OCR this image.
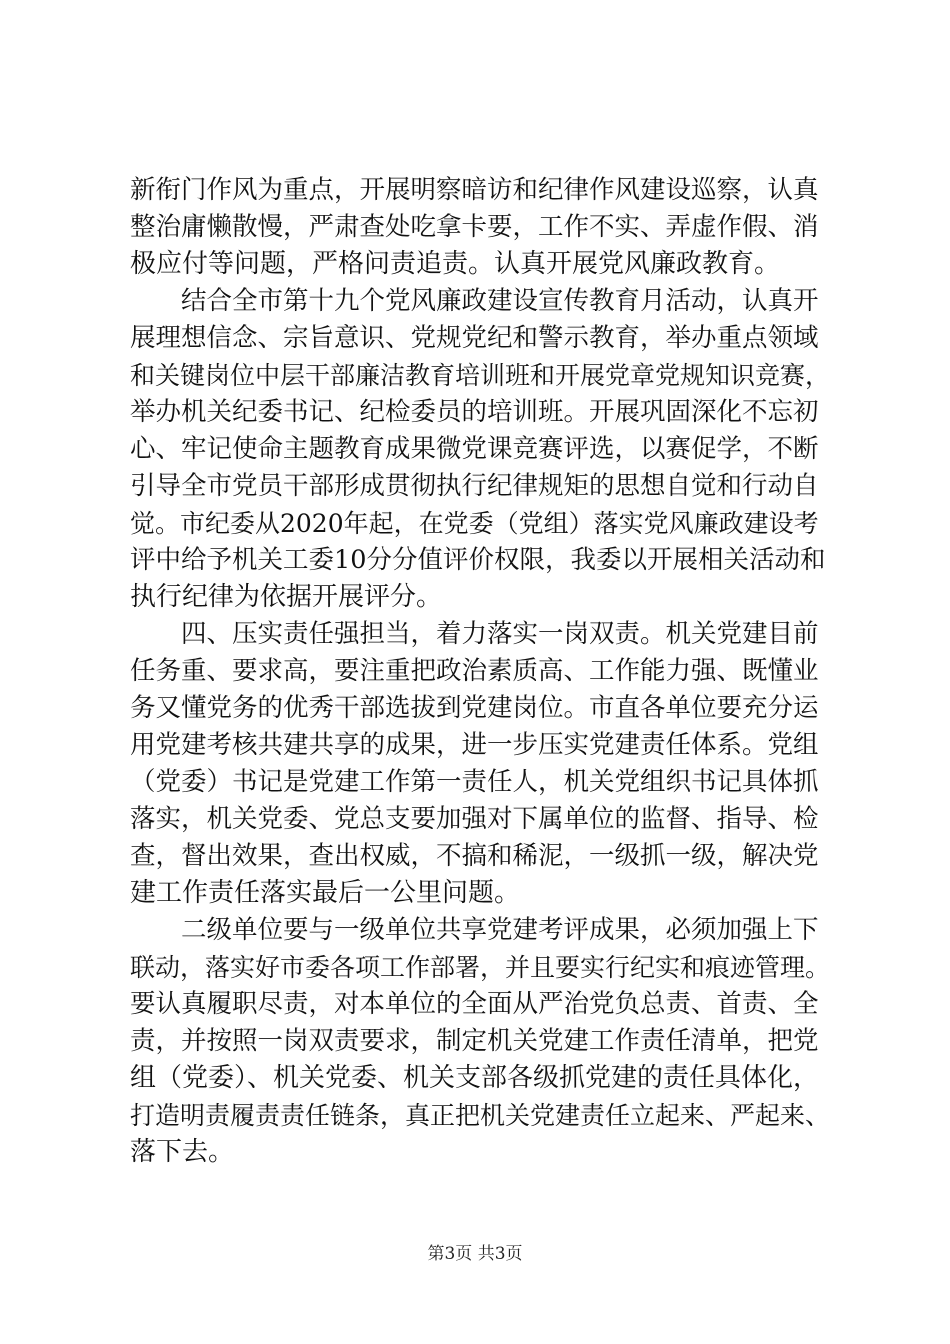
新衔门作风为重点，开展明察暗访和纪律作风建设巡察，认真
整治庸懒散慢，严肃查处吃拿卡要，工作不实、弄虚作假、消
极应付等问题，严格问责追责。认真开展党风廉政教育。
　　结合全市第十九个党风廉政建设宣传教育月活动，认真开
展理想信念、宗旨意识、党规党纪和警示教育，举办重点领域
和关键岗位中层干部廉洁教育培训班和开展党章党规知识竞赛，
举办机关纪委书记、纪检委员的培训班。开展巩固深化不忘初
心、牢记使命主题教育成果微党课竞赛评选，以赛促学，不断
引导全市党员干部形成贯彻执行纪律规矩的思想自觉和行动自
觉。市纪委从2020年起，在党委（党组）落实党风廉政建设考
评中给予机关工委10分分值评价权限，我委以开展相关活动和
执行纪律为依据开展评分。
　　四、压实责任强担当，着力落实一岗双责。机关党建目前
任务重、要求高，要注重把政治素质高、工作能力强、既懂业
务又懂党务的优秀干部选拔到党建岗位。市直各单位要充分运
用党建考核共建共享的成果，进一步压实党建责任体系。党组
（党委）书记是党建工作第一责任人，机关党组织书记具体抓
落实，机关党委、党总支要加强对下属单位的监督、指导、检
查，督出效果，查出权威，不搞和稀泥，一级抓一级，解决党
建工作责任落实最后一公里问题。
　　二级单位要与一级单位共享党建考评成果，必须加强上下
联动，落实好市委各项工作部署，并且要实行纪实和痕迹管理。
要认真履职尽责，对本单位的全面从严治党负总责、首责、全
责，并按照一岗双责要求，制定机关党建工作责任清单，把党
组（党委）、机关党委、机关支部各级抓党建的责任具体化，
打造明责履责责任链条，真正把机关党建责任立起来、严起来、
落下去。
第3页 共3页
